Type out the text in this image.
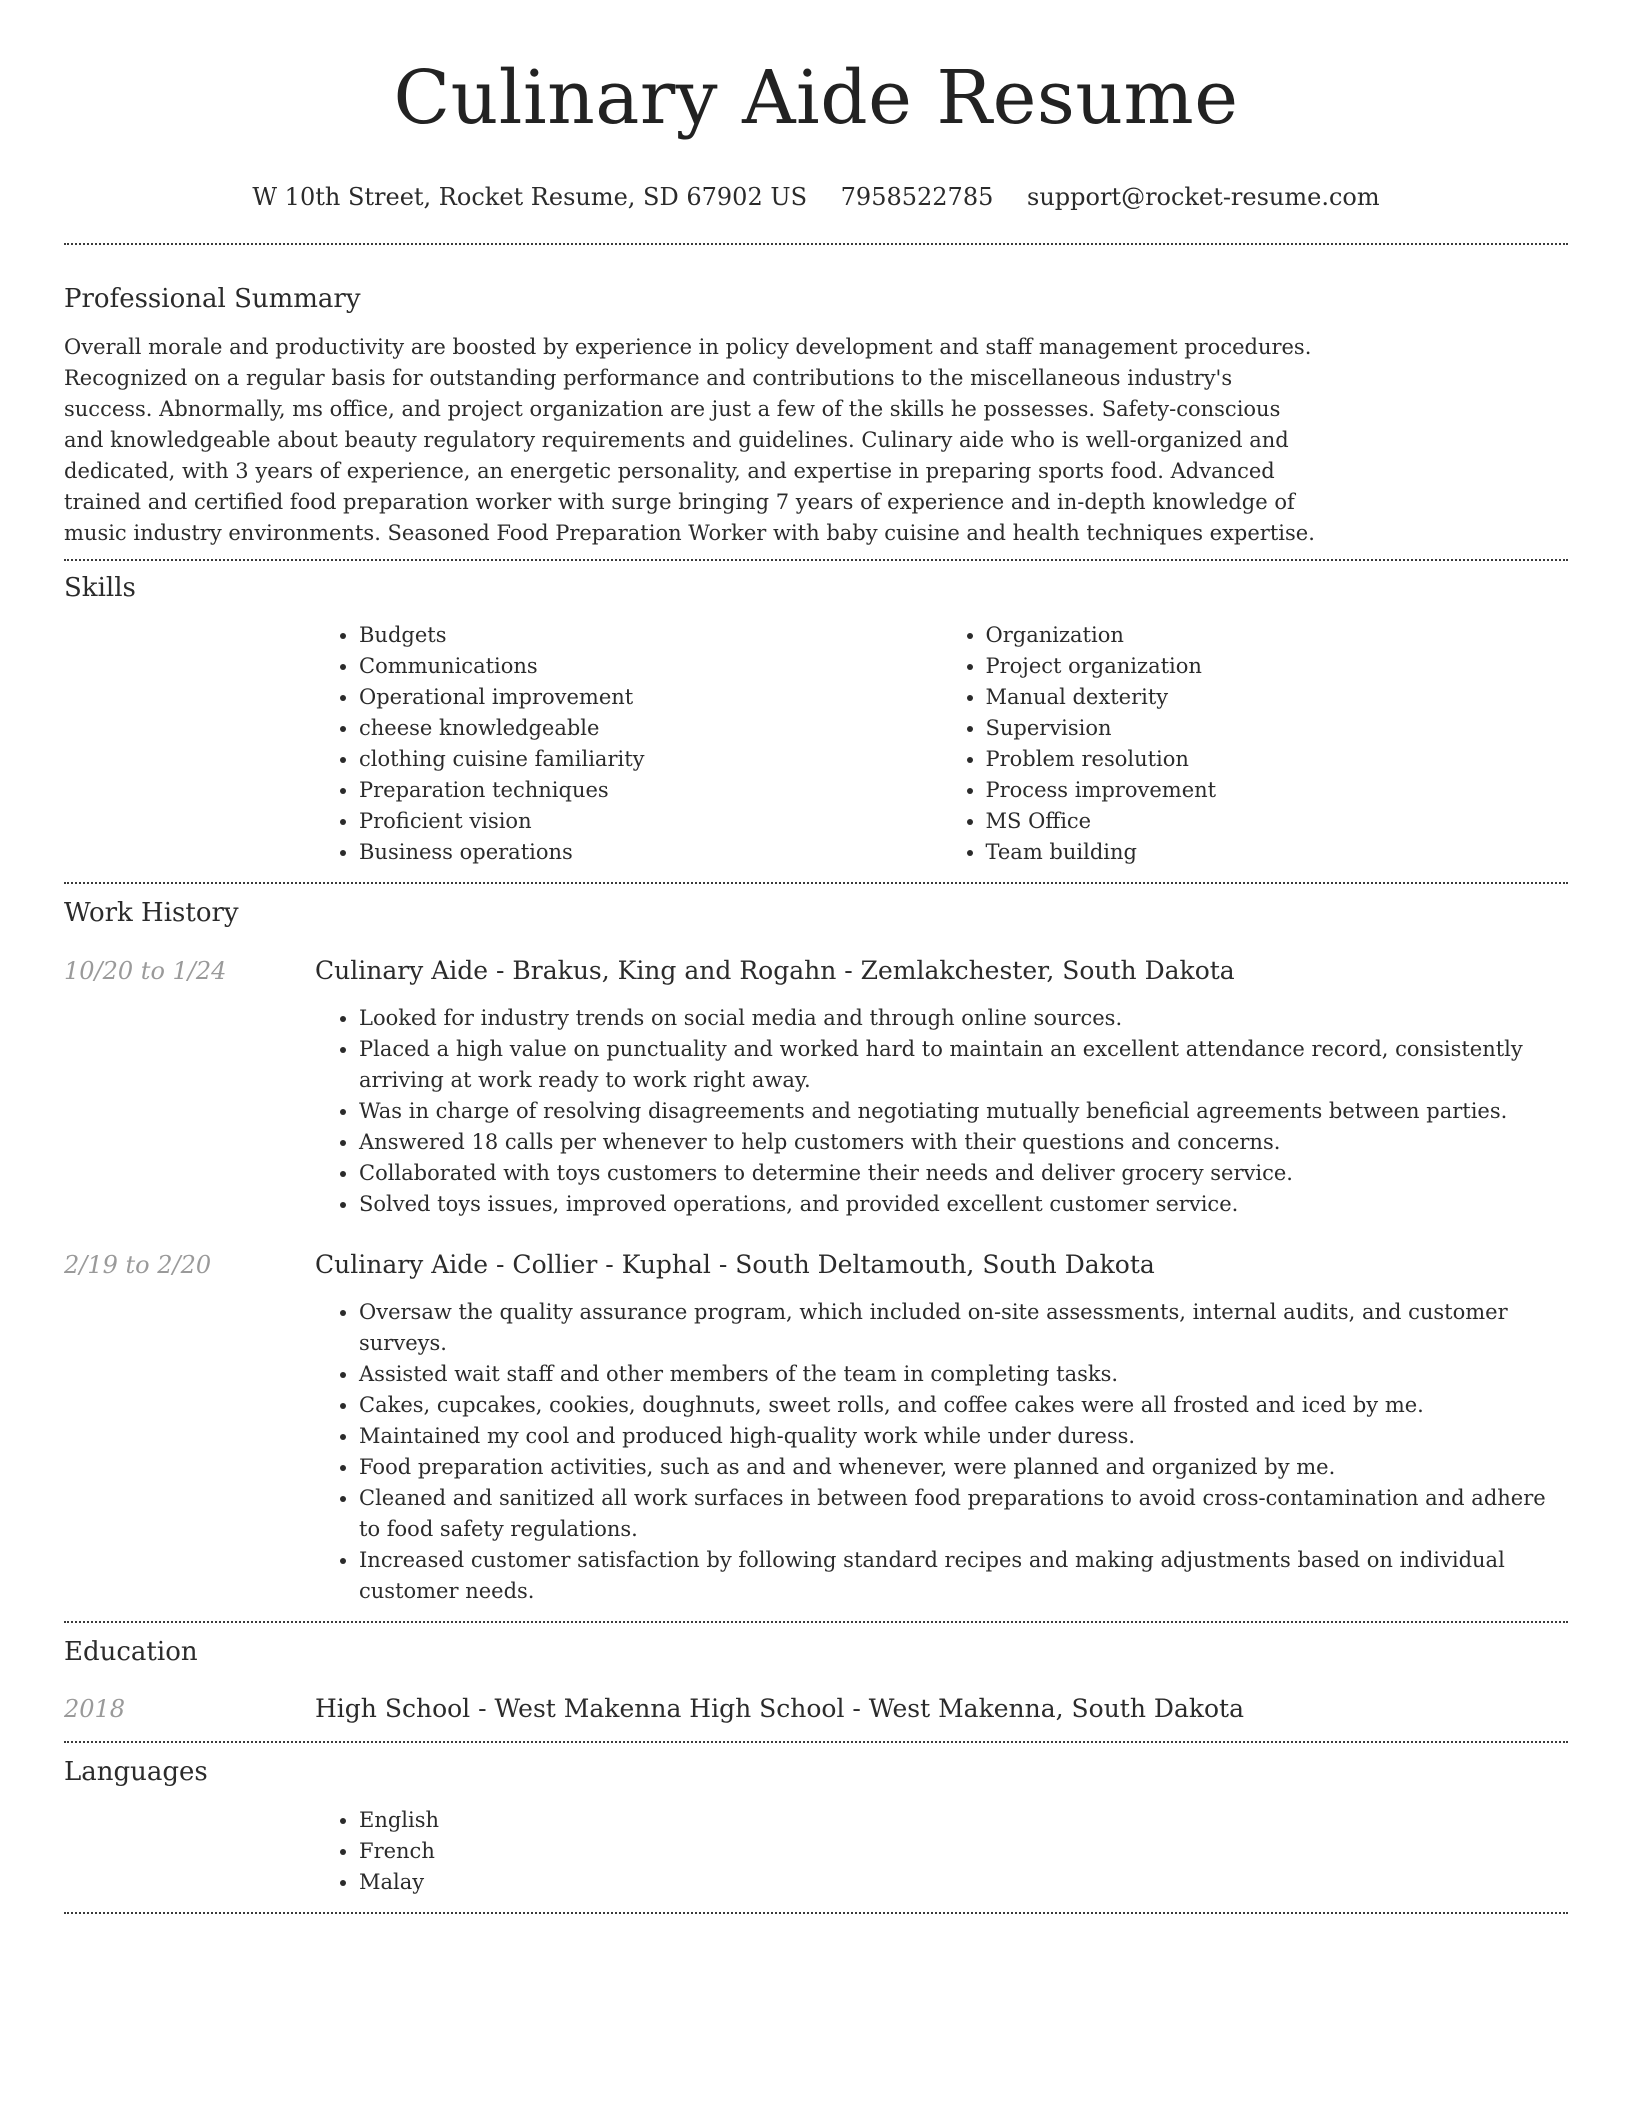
Culinary Aide Resume
W 10th Street, Rocket Resume, SD 67902 US 7958522785 support@rocket-resume.com
Professional Summary

Overall morale and productivity are boosted by experience in policy development and staff management procedures. Recognized on a regular basis for outstanding performance and contributions to the miscellaneous industry's success. Abnormally, ms office, and project organization are just a few of the skills he possesses. Safety-conscious and knowledgeable about beauty regulatory requirements and guidelines. Culinary aide who is well-organized and dedicated, with 3 years of experience, an energetic personality, and expertise in preparing sports food. Advanced trained and certified food preparation worker with surge bringing 7 years of experience and in-depth knowledge of music industry environments. Seasoned Food Preparation Worker with baby cuisine and health techniques expertise.

Skills
• Budgets
• Communications
• Operational improvement
• cheese knowledgeable
• clothing cuisine familiarity
• Preparation techniques
• Proficient vision
• Business operations
• Organization
• Project organization
• Manual dexterity
• Supervision
• Problem resolution
• Process improvement
• MS Office
• Team building
Work History
10/20 to 1/24	Culinary Aide - Brakus, King and Rogahn - Zemlakchester, South Dakota
• Looked for industry trends on social media and through online sources.
• Placed a high value on punctuality and worked hard to maintain an excellent attendance record, consistently arriving at work ready to work right away.
• Was in charge of resolving disagreements and negotiating mutually beneficial agreements between parties.
• Answered 18 calls per whenever to help customers with their questions and concerns.
• Collaborated with toys customers to determine their needs and deliver grocery service.
• Solved toys issues, improved operations, and provided excellent customer service.
2/19 to 2/20	Culinary Aide - Collier - Kuphal - South Deltamouth, South Dakota
• Oversaw the quality assurance program, which included on-site assessments, internal audits, and customer surveys.
• Assisted wait staff and other members of the team in completing tasks.
• Cakes, cupcakes, cookies, doughnuts, sweet rolls, and coffee cakes were all frosted and iced by me.
• Maintained my cool and produced high-quality work while under duress.
• Food preparation activities, such as and and whenever, were planned and organized by me.
• Cleaned and sanitized all work surfaces in between food preparations to avoid cross-contamination and adhere to food safety regulations.
• Increased customer satisfaction by following standard recipes and making adjustments based on individual customer needs.
Education
2018	High School - West Makenna High School - West Makenna, South Dakota
Languages
• English
• French
• Malay
